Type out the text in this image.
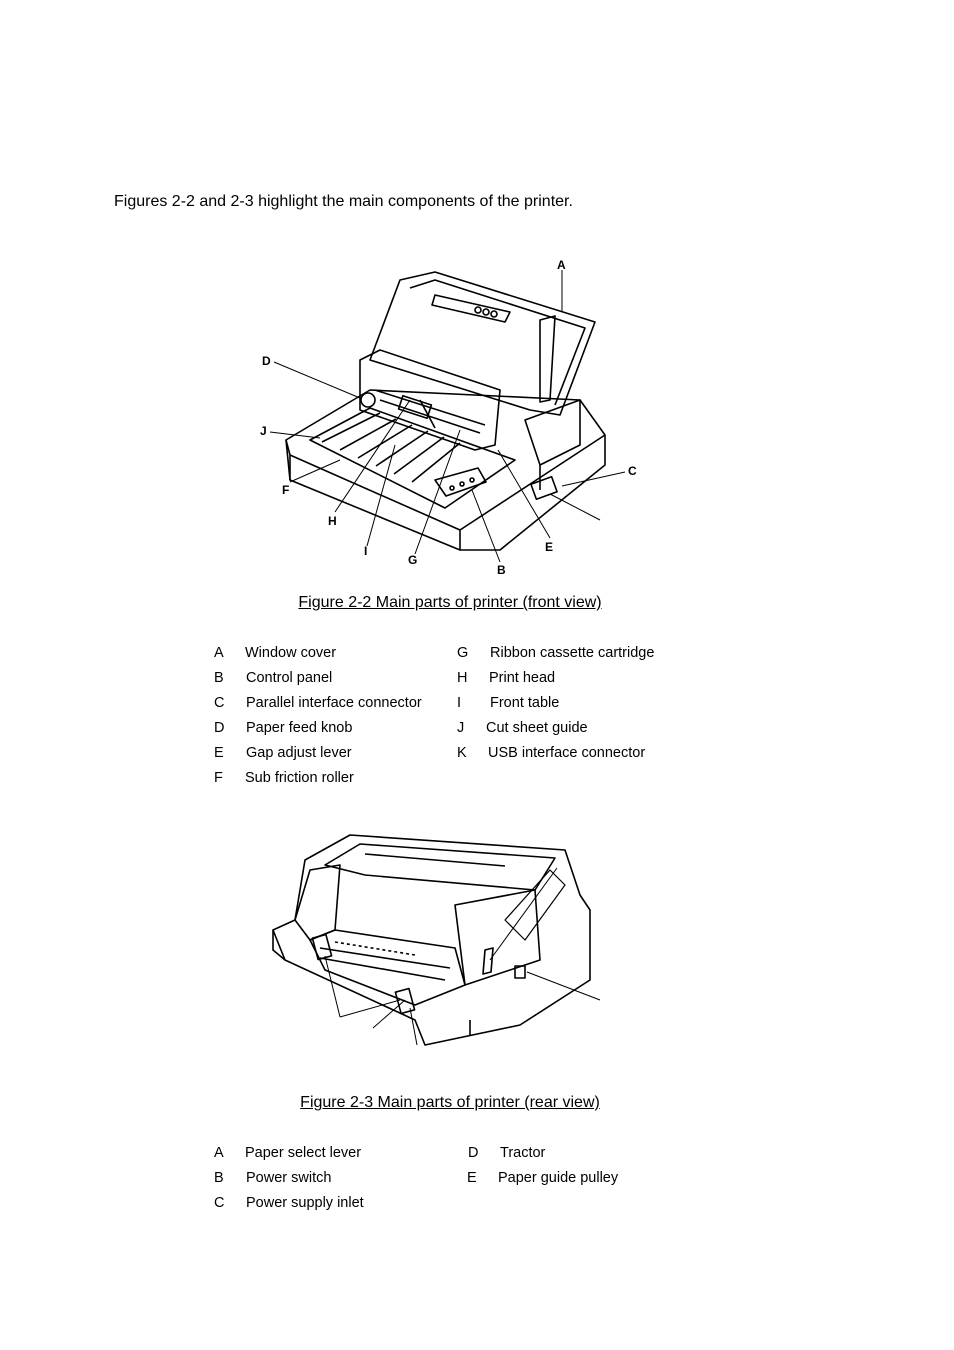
Figures 2-2 and 2-3 highlight the main components of the printer.
A
D
J
C
F
H
E
I
G
B
Figure 2-2 Main parts of printer (front view)
A Window cover
B Control panel
C Parallel interface connector
D Paper feed knob
E Gap adjust lever
F Sub friction roller
G Ribbon cassette cartridge
H Print head
I Front table
J Cut sheet guide
K USB interface connector
Figure 2-3 Main parts of printer (rear view)
A Paper select lever
B Power switch
C Power supply inlet
D Tractor
E Paper guide pulley
